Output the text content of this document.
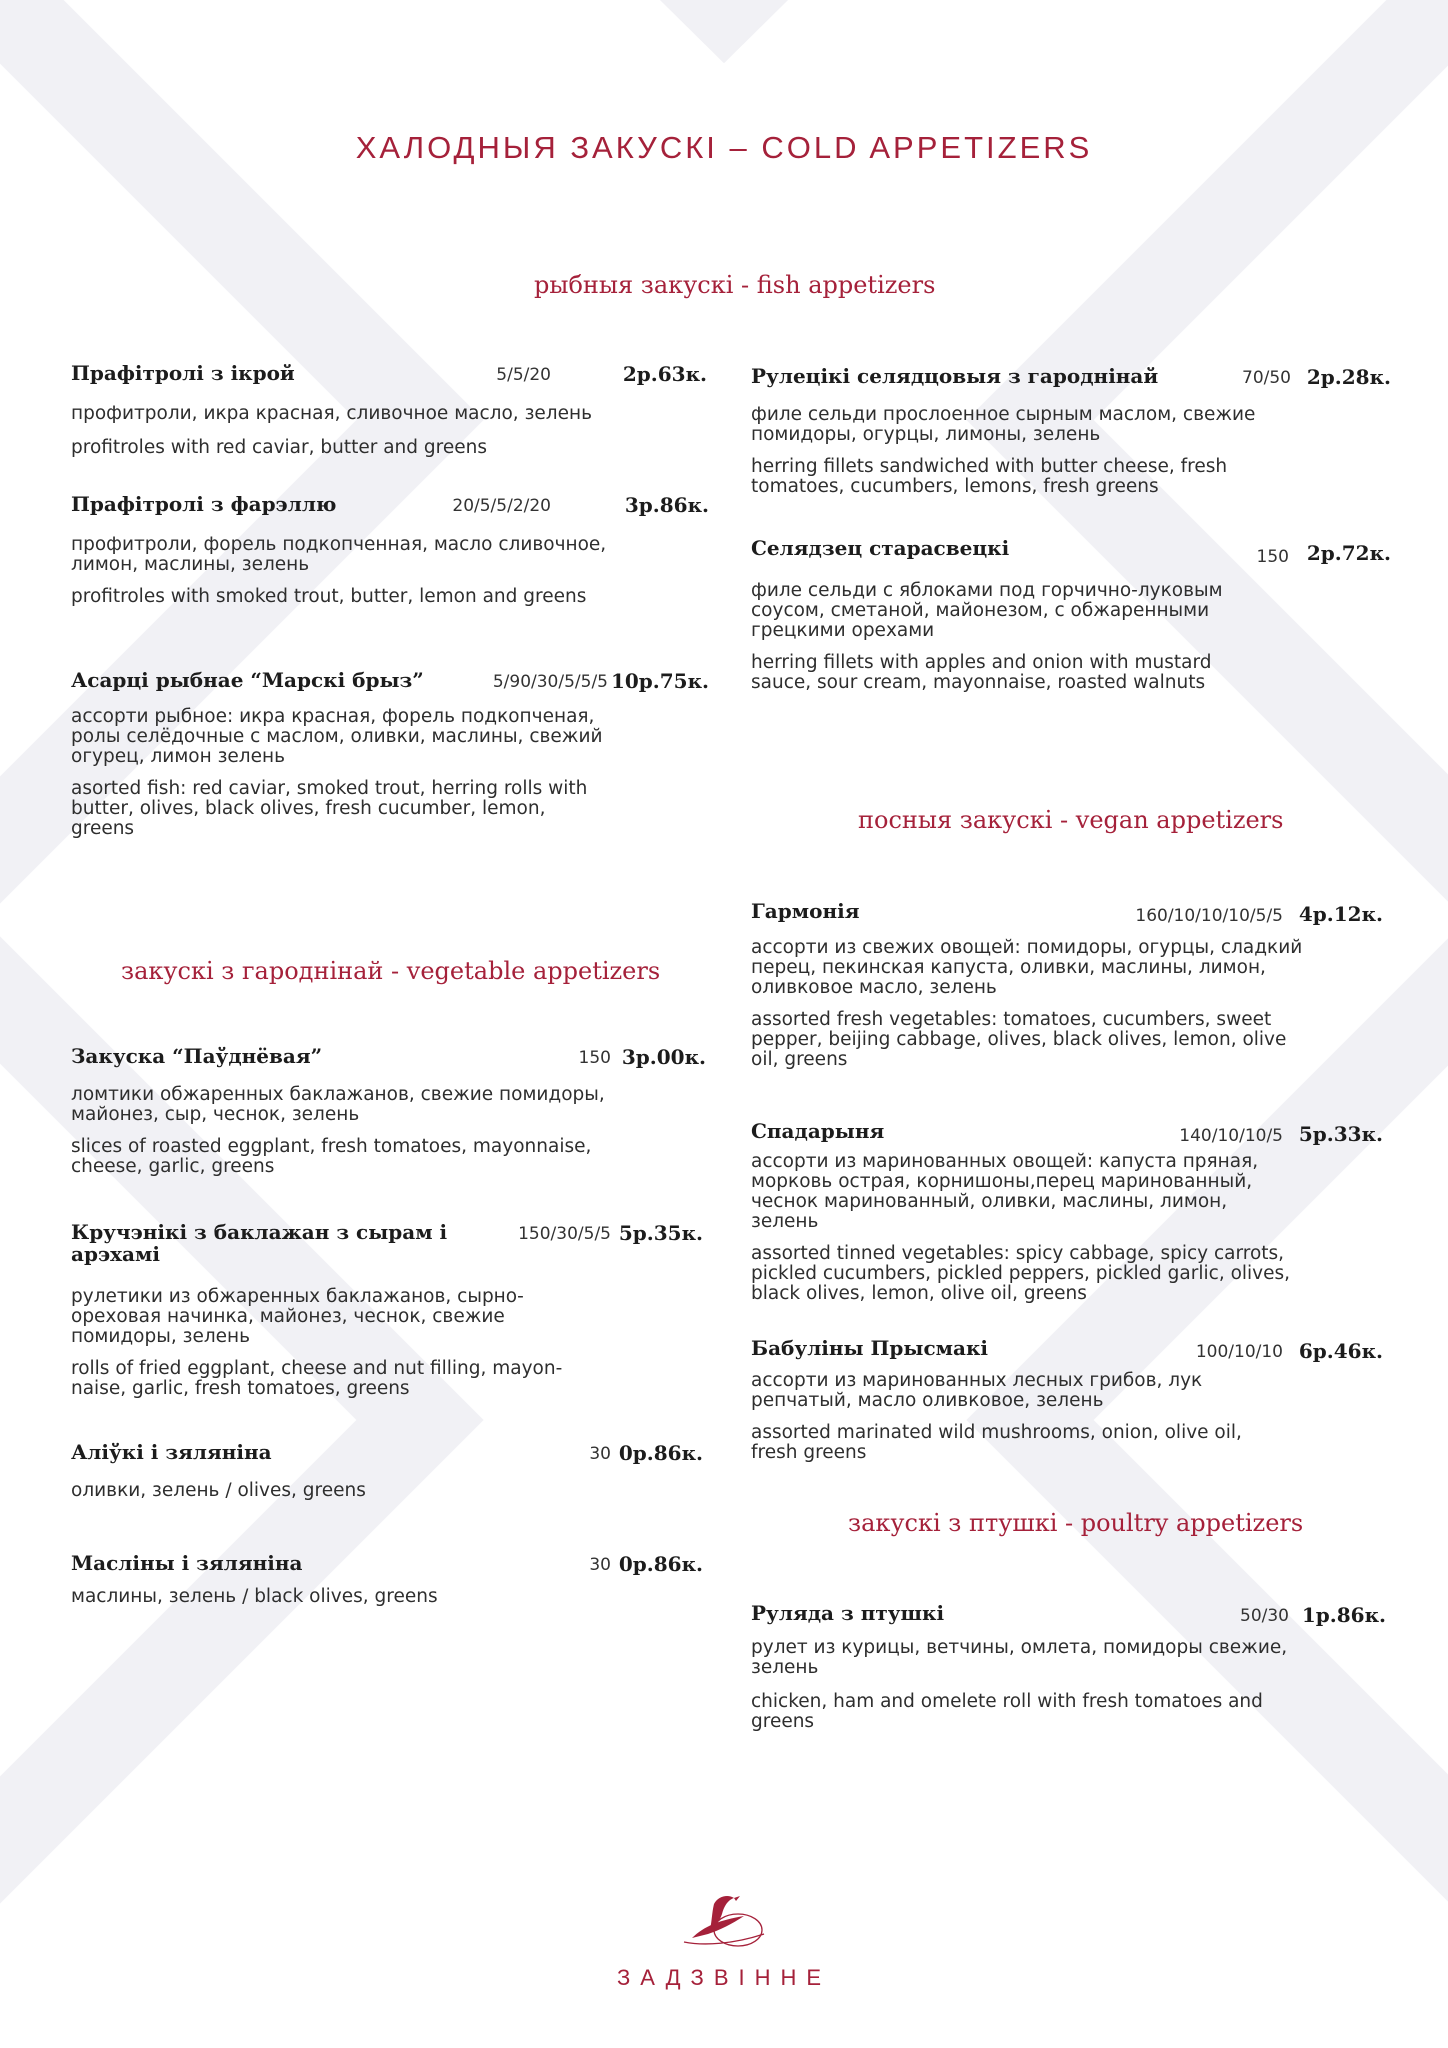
ХАЛОДНЫЯ ЗАКУСКІ – COLD APPETIZERS
рыбныя закускі - fish appetizers
посныя закускі - vegan appetizers
закускі з гароднінай - vegetable appetizers
закускі з птушкі - poultry appetizers
Прафітролі з ікрой	5/5/20	2р.63к.
профитроли, икра красная, сливочное масло, зелень
profitroles with red caviar, butter and greens
Прафітролі з фарэллю	20/5/5/2/20	3р.86к.
профитроли, форель подкопченная, масло сливочное, лимон, маслины, зелень
profitroles with smoked trout, butter, lemon and greens
Асарці рыбнае “Марскі брыз”	5/90/30/5/5/5 10р.75к.
ассорти рыбное: икра красная, форель подкопченая, ролы селёдочные с маслом, оливки, маслины, свежий огурец, лимон зелень
asorted fish: red caviar, smoked trout, herring rolls with butter, olives, black olives, fresh cucumber, lemon, greens
Закуска “Паўднёвая”	150 3р.00к.
ломтики обжаренных баклажанов, свежие помидоры, майонез, сыр, чеснок, зелень
slices of roasted eggplant, fresh tomatoes, mayonnaise, cheese, garlic, greens
Кручэнікі з баклажан з сырам і арэхамі
150/30/5/5 5р.35к.
рулетики из обжаренных баклажанов, сырно-ореховая начинка, майонез, чеснок, свежие помидоры, зелень
rolls of fried eggplant, cheese and nut filling, mayon- naise, garlic, fresh tomatoes, greens
Аліўкі і зяляніна	30 0р.86к.
оливки, зелень / olives, greens
Масліны і зяляніна	30 0р.86к.
маслины, зелень / black olives, greens
Рулецікі селядцовыя з гароднінай	70/50 2р.28к.
филе сельди прослоенное сырным маслом, свежие помидоры, огурцы, лимоны, зелень
herring fillets sandwiched with butter cheese, fresh tomatoes, cucumbers, lemons, fresh greens
Селядзец старасвецкі	150 2р.72к.
филе сельди с яблоками под горчично-луковым соусом, сметаной, майонезом, с обжаренными грецкими орехами
herring fillets with apples and onion with mustard sauce, sour cream, mayonnaise, roasted walnuts
Гармонія	160/10/10/10/5/5 4р.12к.
ассорти из свежих овощей: помидоры, огурцы, сладкий перец, пекинская капуста, оливки, маслины, лимон, оливковое масло, зелень
assorted fresh vegetables: tomatoes, cucumbers, sweet pepper, beijing cabbage, olives, black olives, lemon, olive oil, greens
Спадарыня	140/10/10/5 5р.33к.
ассорти из маринованных овощей: капуста пряная, морковь острая, корнишоны,перец маринованный, чеснок маринованный, оливки, маслины, лимон, зелень
assorted tinned vegetables: spicy cabbage, spicy carrots, pickled cucumbers, pickled peppers, pickled garlic, olives, black olives, lemon, olive oil, greens
Бабуліны Прысмакі	100/10/10 6р.46к.
ассорти из маринованных лесных грибов, лук репчатый, масло оливковое, зелень
assorted marinated wild mushrooms, onion, olive oil, fresh greens
Руляда з птушкі	50/30 1р.86к.
рулет из курицы, ветчины, омлета, помидоры свежие, зелень
chicken, ham and omelete roll with fresh tomatoes and greens
ЗАДЗВІННЕ
